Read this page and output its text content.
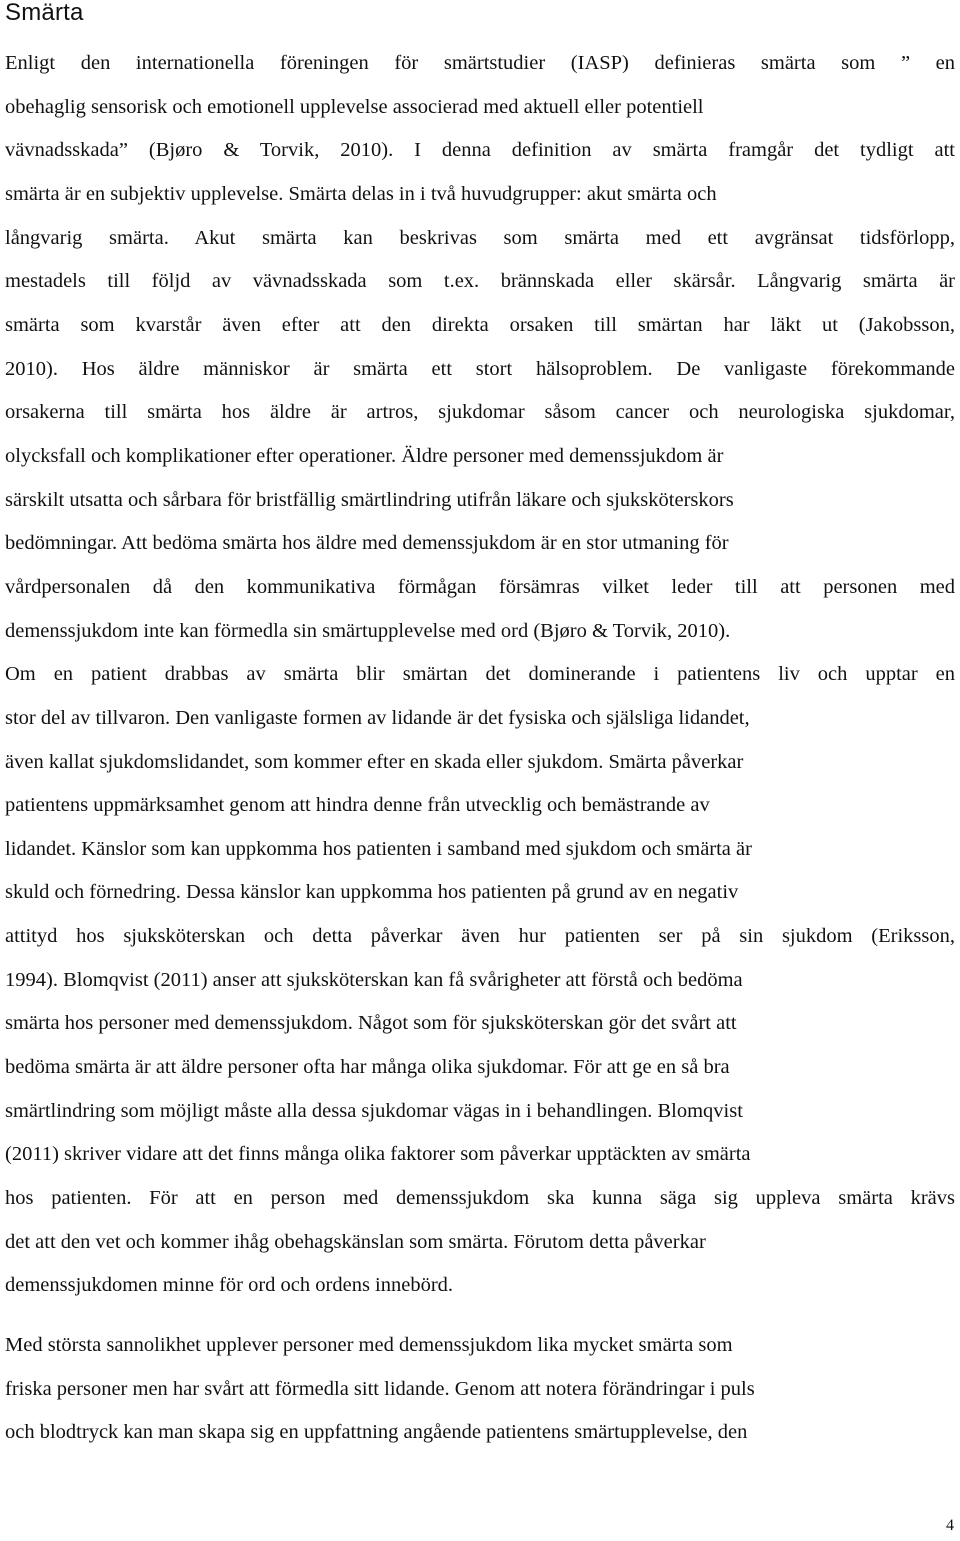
Smärta
Enligt den internationella föreningen för smärtstudier (IASP) definieras smärta som ” en
obehaglig sensorisk och emotionell upplevelse associerad med aktuell eller potentiell
vävnadsskada” (Bjøro & Torvik, 2010). I denna definition av smärta framgår det tydligt att
smärta är en subjektiv upplevelse. Smärta delas in i två huvudgrupper: akut smärta och
långvarig smärta. Akut smärta kan beskrivas som smärta med ett avgränsat tidsförlopp,
mestadels till följd av vävnadsskada som t.ex. brännskada eller skärsår. Långvarig smärta är
smärta som kvarstår även efter att den direkta orsaken till smärtan har läkt ut (Jakobsson,
2010). Hos äldre människor är smärta ett stort hälsoproblem. De vanligaste förekommande
orsakerna till smärta hos äldre är artros, sjukdomar såsom cancer och neurologiska sjukdomar,
olycksfall och komplikationer efter operationer. Äldre personer med demenssjukdom är
särskilt utsatta och sårbara för bristfällig smärtlindring utifrån läkare och sjuksköterskors
bedömningar. Att bedöma smärta hos äldre med demenssjukdom är en stor utmaning för
vårdpersonalen då den kommunikativa förmågan försämras vilket leder till att personen med
demenssjukdom inte kan förmedla sin smärtupplevelse med ord (Bjøro & Torvik, 2010).
Om en patient drabbas av smärta blir smärtan det dominerande i patientens liv och upptar en
stor del av tillvaron. Den vanligaste formen av lidande är det fysiska och själsliga lidandet,
även kallat sjukdomslidandet, som kommer efter en skada eller sjukdom. Smärta påverkar
patientens uppmärksamhet genom att hindra denne från utvecklig och bemästrande av
lidandet. Känslor som kan uppkomma hos patienten i samband med sjukdom och smärta är
skuld och förnedring. Dessa känslor kan uppkomma hos patienten på grund av en negativ
attityd hos sjuksköterskan och detta påverkar även hur patienten ser på sin sjukdom (Eriksson,
1994). Blomqvist (2011) anser att sjuksköterskan kan få svårigheter att förstå och bedöma
smärta hos personer med demenssjukdom. Något som för sjuksköterskan gör det svårt att
bedöma smärta är att äldre personer ofta har många olika sjukdomar. För att ge en så bra
smärtlindring som möjligt måste alla dessa sjukdomar vägas in i behandlingen. Blomqvist
(2011) skriver vidare att det finns många olika faktorer som påverkar upptäckten av smärta
hos patienten. För att en person med demenssjukdom ska kunna säga sig uppleva smärta krävs
det att den vet och kommer ihåg obehagskänslan som smärta. Förutom detta påverkar
demenssjukdomen minne för ord och ordens innebörd.
Med största sannolikhet upplever personer med demenssjukdom lika mycket smärta som
friska personer men har svårt att förmedla sitt lidande. Genom att notera förändringar i puls
och blodtryck kan man skapa sig en uppfattning angående patientens smärtupplevelse, den
4
